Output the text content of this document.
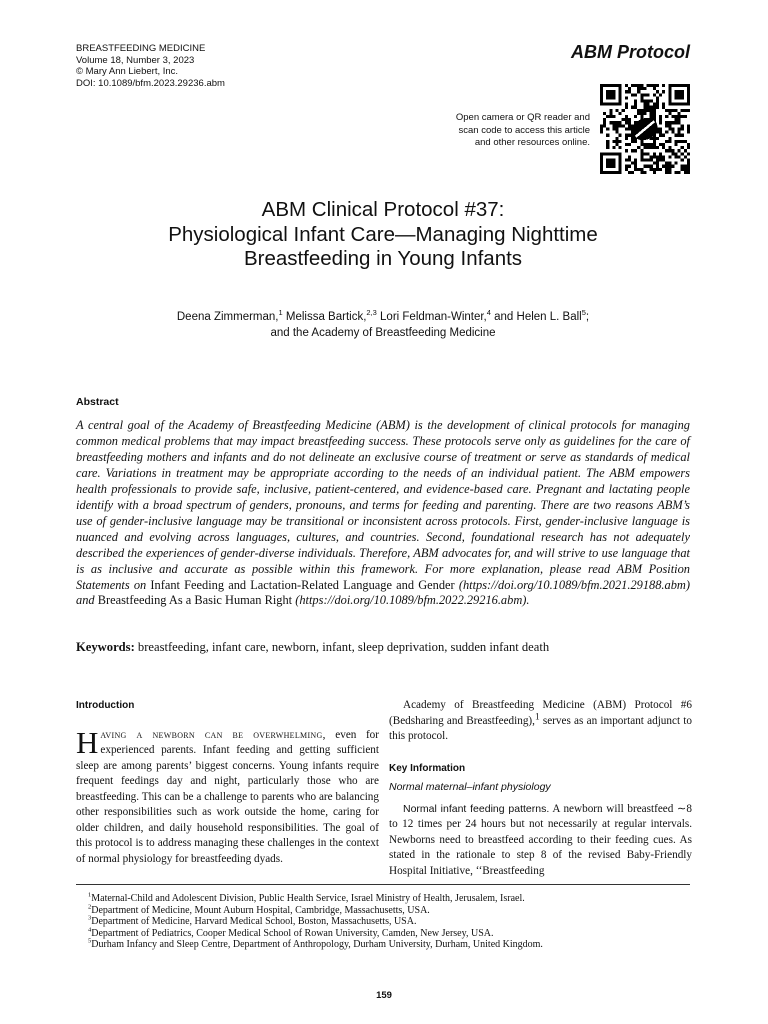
BREASTFEEDING MEDICINE
Volume 18, Number 3, 2023
© Mary Ann Liebert, Inc.
DOI: 10.1089/bfm.2023.29236.abm
ABM Protocol
Open camera or QR reader and
scan code to access this article
and other resources online.
ABM Clinical Protocol #37:
Physiological Infant Care—Managing Nighttime
Breastfeeding in Young Infants
Deena Zimmerman,$^1$ Melissa Bartick,$^{2,3}$ Lori Feldman-Winter,$^4$ and Helen L. Ball$^5$;
and the Academy of Breastfeeding Medicine
Abstract
A central goal of the Academy of Breastfeeding Medicine (ABM) is the development of clinical protocols for managing common medical problems that may impact breastfeeding success. These protocols serve only as guidelines for the care of breastfeeding mothers and infants and do not delineate an exclusive course of treatment or serve as standards of medical care. Variations in treatment may be appropriate according to the needs of an individual patient. The ABM empowers health professionals to provide safe, inclusive, patient-centered, and evidence-based care. Pregnant and lactating people identify with a broad spectrum of genders, pronouns, and terms for feeding and parenting. There are two reasons ABM’s use of gender-inclusive language may be transitional or inconsistent across protocols. First, gender-inclusive language is nuanced and evolving across languages, cultures, and countries. Second, foundational research has not adequately described the experiences of gender-diverse individuals. Therefore, ABM advocates for, and will strive to use language that is as inclusive and accurate as possible within this framework. For more explanation, please read ABM Position Statements on Infant Feeding and Lactation-Related Language and Gender (https://doi.org/10.1089/bfm.2021.29188.abm) and Breastfeeding As a Basic Human Right (https://doi.org/10.1089/bfm.2022.29216.abm).
Keywords: breastfeeding, infant care, newborn, infant, sleep deprivation, sudden infant death
Introduction
Having a newborn can be overwhelming, even for experienced parents. Infant feeding and getting sufficient sleep are among parents’ biggest concerns. Young infants require frequent feedings day and night, particularly those who are breastfeeding. This can be a challenge to parents who are balancing other responsibilities such as work outside the home, caring for older children, and daily household responsibilities. The goal of this protocol is to address managing these challenges in the context of normal physiology for breastfeeding dyads.
Academy of Breastfeeding Medicine (ABM) Protocol #6 (Bedsharing and Breastfeeding),$^1$ serves as an important adjunct to this protocol.
Key Information
Normal maternal–infant physiology
Normal infant feeding patterns. A newborn will breastfeed ∼8 to 12 times per 24 hours but not necessarily at regular intervals. Newborns need to breastfeed according to their feeding cues. As stated in the rationale to step 8 of the revised Baby-Friendly Hospital Initiative, ‘‘Breastfeeding
$^1$Maternal-Child and Adolescent Division, Public Health Service, Israel Ministry of Health, Jerusalem, Israel.
$^2$Department of Medicine, Mount Auburn Hospital, Cambridge, Massachusetts, USA.
$^3$Department of Medicine, Harvard Medical School, Boston, Massachusetts, USA.
$^4$Department of Pediatrics, Cooper Medical School of Rowan University, Camden, New Jersey, USA.
$^5$Durham Infancy and Sleep Centre, Department of Anthropology, Durham University, Durham, United Kingdom.
159
